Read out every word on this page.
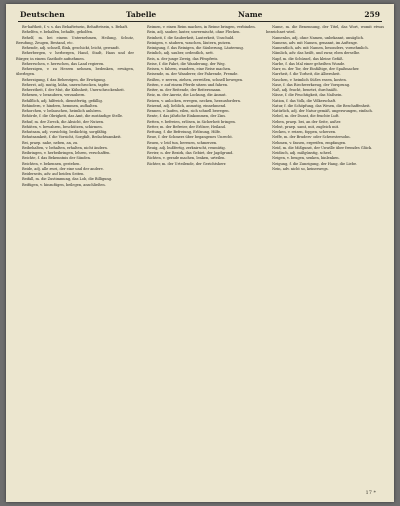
Deutschen	Tabelle	Name	259

Be-haftheit, f. v. s. das Behaftetsein, Behaftetsein, s. Behaft.

Behelfen, v. behalfen, behalfe, geholfen.

Behelf, m. bei einem Unternehmen, Heilung, Schutz, Berufung, Zeugen, Bestand, etc.

Behende, adj. schnell, flink, geschickt, leicht, gewandt.

Beherbergen, v. herbergen, Hand, Stadt, Haus und der Bürger, in einem Gasthofe aufnehmen.

Beherrschen, v. herrschen, das Land regieren.

Beherzigen, v. zu Herzen nehmen, bedenken, erwägen, überlegen.

Beherzigung, f. das Beherzigen, die Erwägung.

Beherzt, adj. mutig, kühn, unerschrocken, tapfer.

Beherztheit, f. der Mut, die Kühnheit, Unerschrockenheit.

Behexen, v. bezaubern, verzaubern.

Behilflich, adj. hilfreich, dienstfertig, gefällig.

Behindern, v. hindern, hemmen, aufhalten.

Behorchen, v. belauschen, heimlich anhören.

Behörde, f. die Obrigkeit, das Amt, die zuständige Stelle.

Behuf, m. der Zweck, die Absicht, der Nutzen.

Behüten, v. bewahren, beschützen, schirmen.

Behutsam, adj. vorsichtig, bedächtig, sorgfältig.

Behutsamkeit, f. die Vorsicht, Sorgfalt, Bedachtsamkeit.

Bei, praep. nahe, neben, an, zu.

Beibehalten, v. behalten, erhalten, nicht ändern.

Beibringen, v. herbeibringen, lehren, verschaffen.

Beichte, f. das Bekenntnis der Sünden.

Beichten, v. bekennen, gestehen.

Beide, adj. alle zwei, der eine und der andere.

Beiderseits, adv. auf beiden Seiten.

Beifall, m. die Zustimmung, das Lob, die Billigung.

Beifügen, v. hinzufügen, beilegen, anschließen.

Reimen, v. einen Reim machen, in Reime bringen, verbinden.

Rein, adj. sauber, lauter, unvermischt, ohne Flecken.

Reinheit, f. die Sauberkeit, Lauterkeit, Unschuld.

Reinigen, v. säubern, waschen, läutern, putzen.

Reinigung, f. das Reinigen, die Säuberung, Läuterung.

Reinlich, adj. sauber, ordentlich, nett.

Reis, n. der junge Zweig, das Pfropfreis.

Reise, f. die Fahrt, die Wanderung, der Weg.

Reisen, v. fahren, wandern, eine Reise machen.

Reisende, m. der Wanderer, der Fahrende, Fremde.

Reißen, v. zerren, ziehen, zerreißen, schnell bewegen.

Reiten, v. auf einem Pferde sitzen und fahren.

Reiter, m. der Reitende, der Reitersmann.

Reiz, m. der Anreiz, die Lockung, die Anmut.

Reizen, v. anlocken, erregen, necken, herausfordern.

Reizend, adj. lieblich, anmutig, einnehmend.

Rennen, v. laufen, eilen, sich schnell bewegen.

Rente, f. das jährliche Einkommen, der Zins.

Retten, v. befreien, erlösen, in Sicherheit bringen.

Retter, m. der Befreier, der Erlöser, Heiland.

Rettung, f. die Befreiung, Erlösung, Hilfe.

Reue, f. der Schmerz über begangenes Unrecht.

Reuen, v. leid tun, bereuen, schmerzen.

Reuig, adj. bußfertig, zerknirscht, reumütig.

Revier, n. der Bezirk, das Gebiet, der Jagdgrund.

Richten, v. gerade machen, lenken, urteilen.

Richter, m. der Urteilende, der Gerichtsherr.

Name, m. die Benennung, der Titel, das Wort, womit etwas bezeichnet wird.

Namenlos, adj. ohne Namen, unbekannt, unsäglich.

Namens, adv. mit Namen, genannt, im Auftrage.

Namentlich, adv. mit Namen, besonders, vornehmlich.

Nämlich, adv. das heißt, und zwar, eben derselbe.

Napf, m. die Schüssel, das kleine Gefäß.

Narbe, f. das Mal einer geheilten Wunde.

Narr, m. der Tor, der Einfältige, der Spaßmacher.

Narrheit, f. die Torheit, die Albernheit.

Naschen, v. heimlich Süßes essen, kosten.

Nase, f. das Riechwerkzeug, der Vorsprung.

Naß, adj. feucht, benetzt, durchnäßt.

Nässe, f. die Feuchtigkeit, das Naßsein.

Nation, f. das Volk, die Völkerschaft.

Natur, f. die Schöpfung, das Wesen, die Beschaffenheit.

Natürlich, adj. der Natur gemäß, ungezwungen, einfach.

Nebel, m. der Dunst, die feuchte Luft.

Neben, praep. bei, an der Seite, außer.

Nebst, praep. samt, mit, zugleich mit.

Necken, v. reizen, foppen, scherzen.

Neffe, m. der Bruders- oder Schwestersohn.

Nehmen, v. fassen, ergreifen, empfangen.

Neid, m. die Mißgunst, der Unwille über fremdes Glück.

Neidisch, adj. mißgünstig, scheel.

Neigen, v. beugen, senken, hinlenken.

Neigung, f. die Zuneigung, der Hang, die Liebe.

Nein, adv. nicht so, keineswegs.

17 *
